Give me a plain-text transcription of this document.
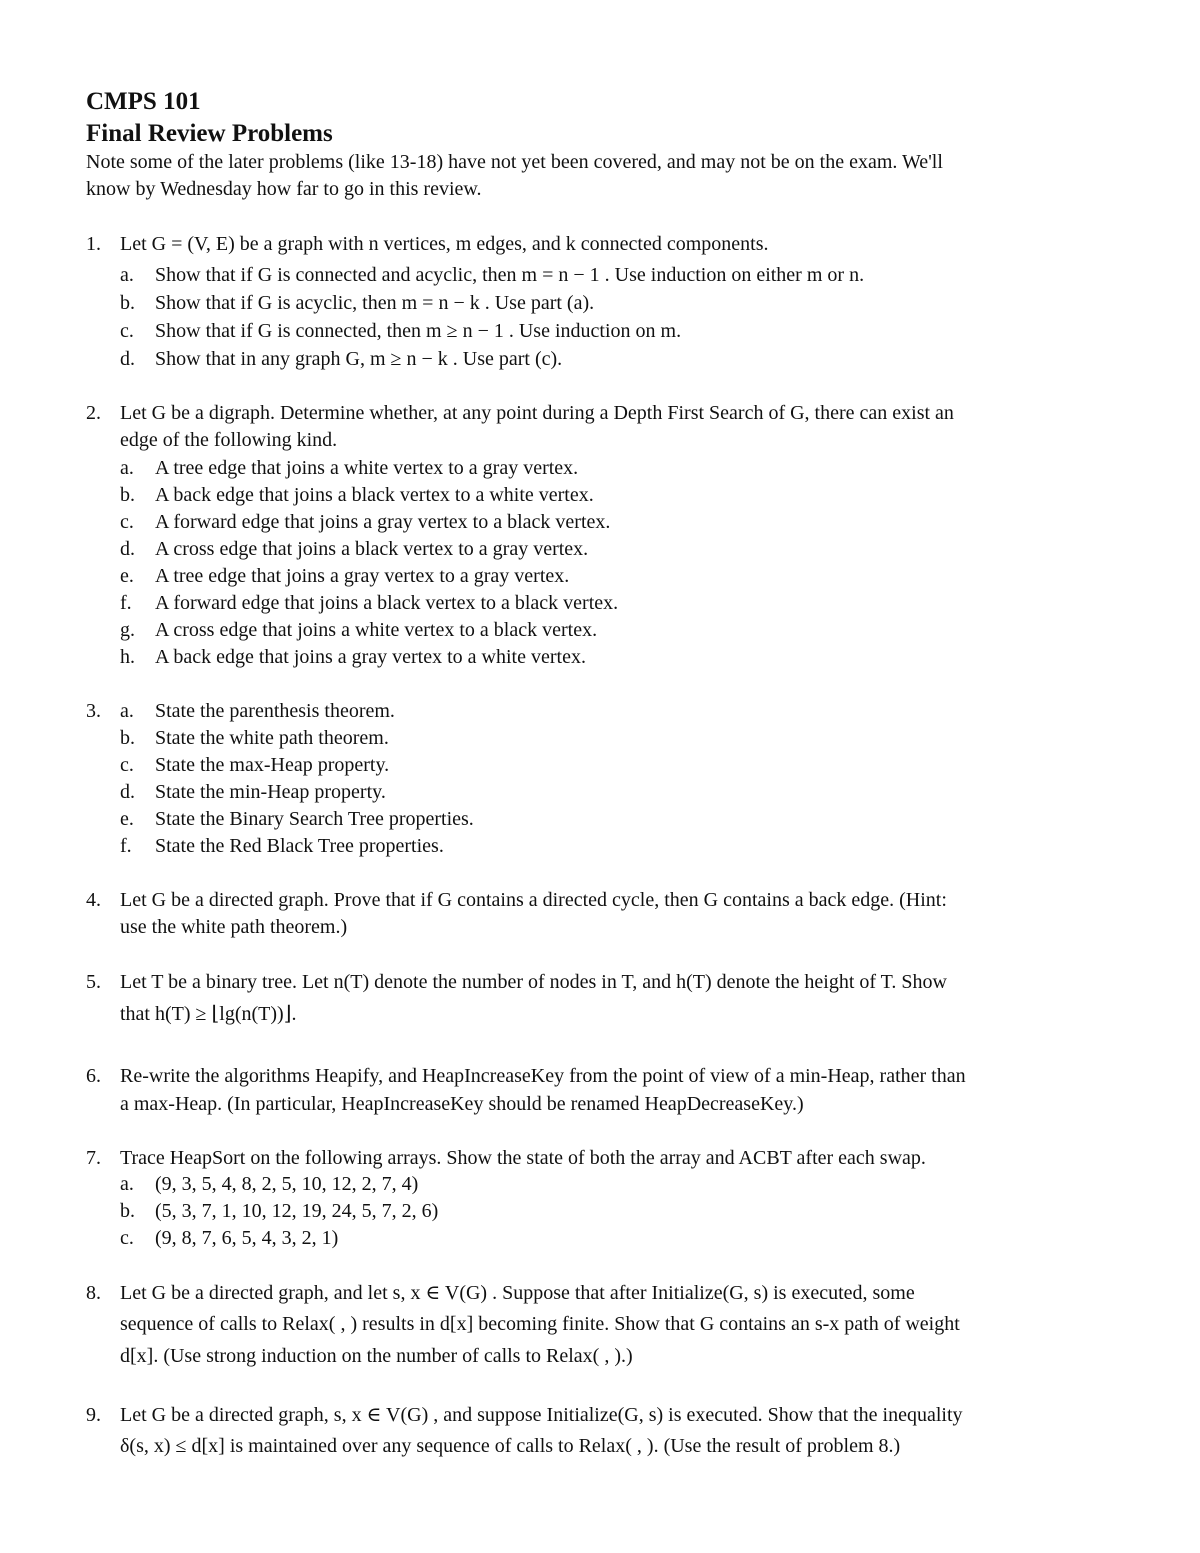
CMPS 101
Final Review Problems
Note some of the later problems (like 13-18) have not yet been covered, and may not be on the exam. We'll
know by Wednesday how far to go in this review.
1. Let G = (V, E) be a graph with n vertices, m edges, and k connected components.
a. Show that if G is connected and acyclic, then m = n − 1 . Use induction on either m or n.
b. Show that if G is acyclic, then m = n − k . Use part (a).
c. Show that if G is connected, then m ≥ n − 1 . Use induction on m.
d. Show that in any graph G, m ≥ n − k . Use part (c).
2. Let G be a digraph. Determine whether, at any point during a Depth First Search of G, there can exist an
edge of the following kind.
a. A tree edge that joins a white vertex to a gray vertex.
b. A back edge that joins a black vertex to a white vertex.
c. A forward edge that joins a gray vertex to a black vertex.
d. A cross edge that joins a black vertex to a gray vertex.
e. A tree edge that joins a gray vertex to a gray vertex.
f. A forward edge that joins a black vertex to a black vertex.
g. A cross edge that joins a white vertex to a black vertex.
h. A back edge that joins a gray vertex to a white vertex.
3. a. State the parenthesis theorem.
b. State the white path theorem.
c. State the max-Heap property.
d. State the min-Heap property.
e. State the Binary Search Tree properties.
f. State the Red Black Tree properties.
4. Let G be a directed graph. Prove that if G contains a directed cycle, then G contains a back edge. (Hint:
use the white path theorem.)
5. Let T be a binary tree. Let n(T) denote the number of nodes in T, and h(T) denote the height of T. Show
that h(T) ≥ ⌊lg(n(T))⌋.
6. Re-write the algorithms Heapify, and HeapIncreaseKey from the point of view of a min-Heap, rather than
a max-Heap. (In particular, HeapIncreaseKey should be renamed HeapDecreaseKey.)
7. Trace HeapSort on the following arrays. Show the state of both the array and ACBT after each swap.
a. (9, 3, 5, 4, 8, 2, 5, 10, 12, 2, 7, 4)
b. (5, 3, 7, 1, 10, 12, 19, 24, 5, 7, 2, 6)
c. (9, 8, 7, 6, 5, 4, 3, 2, 1)
8. Let G be a directed graph, and let s, x ∈ V(G) . Suppose that after Initialize(G, s) is executed, some
sequence of calls to Relax( , ) results in d[x] becoming finite. Show that G contains an s-x path of weight
d[x]. (Use strong induction on the number of calls to Relax( , ).)
9. Let G be a directed graph, s, x ∈ V(G) , and suppose Initialize(G, s) is executed. Show that the inequality
δ(s, x) ≤ d[x] is maintained over any sequence of calls to Relax( , ). (Use the result of problem 8.)
